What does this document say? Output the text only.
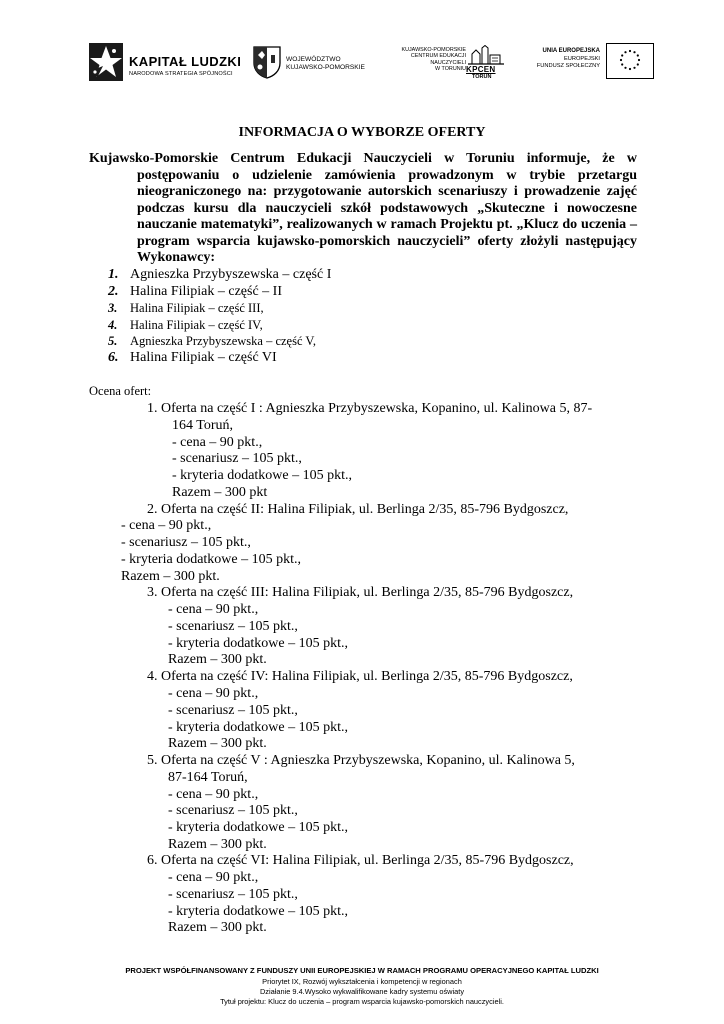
KAPITAŁ LUDZKI
NARODOWA STRATEGIA SPÓJNOŚCI
WOJEWÓDZTWO
KUJAWSKO-POMORSKIE
KUJAWSKO-POMORSKIE
CENTRUM EDUKACJI
NAUCZYCIELI
W TORUNIU KPCEN
TORUŃ
UNIA EUROPEJSKA
EUROPEJSKI
FUNDUSZ SPOŁECZNY
INFORMACJA O WYBORZE OFERTY
Kujawsko-Pomorskie Centrum Edukacji Nauczycieli w Toruniu informuje, że w postępowaniu o udzielenie zamówienia prowadzonym w trybie przetargu nieograniczonego na: przygotowanie autorskich scenariuszy i prowadzenie zajęć podczas kursu dla nauczycieli szkół podstawowych „Skuteczne i nowoczesne nauczanie matematyki”, realizowanych w ramach Projektu pt. „Klucz do uczenia – program wsparcia kujawsko-pomorskich nauczycieli” oferty złożyli następujący Wykonawcy:
1. Agnieszka Przybyszewska – część I
2. Halina Filipiak – część – II
3. Halina Filipiak – część III,
4. Halina Filipiak – część IV,
5. Agnieszka Przybyszewska – część V,
6. Halina Filipiak – część VI
Ocena ofert:
1. Oferta na część I : Agnieszka Przybyszewska, Kopanino, ul. Kalinowa 5, 87-
164 Toruń,
- cena – 90 pkt.,
- scenariusz – 105 pkt.,
- kryteria dodatkowe – 105 pkt.,
Razem – 300 pkt
2. Oferta na część II: Halina Filipiak, ul. Berlinga 2/35, 85-796 Bydgoszcz,
- cena – 90 pkt.,
- scenariusz – 105 pkt.,
- kryteria dodatkowe – 105 pkt.,
Razem – 300 pkt.
3. Oferta na część III: Halina Filipiak, ul. Berlinga 2/35, 85-796 Bydgoszcz,
- cena – 90 pkt.,
- scenariusz – 105 pkt.,
- kryteria dodatkowe – 105 pkt.,
Razem – 300 pkt.
4. Oferta na część IV: Halina Filipiak, ul. Berlinga 2/35, 85-796 Bydgoszcz,
- cena – 90 pkt.,
- scenariusz – 105 pkt.,
- kryteria dodatkowe – 105 pkt.,
Razem – 300 pkt.
5. Oferta na część V : Agnieszka Przybyszewska, Kopanino, ul. Kalinowa 5,
87-164 Toruń,
- cena – 90 pkt.,
- scenariusz – 105 pkt.,
- kryteria dodatkowe – 105 pkt.,
Razem – 300 pkt.
6. Oferta na część VI: Halina Filipiak, ul. Berlinga 2/35, 85-796 Bydgoszcz,
- cena – 90 pkt.,
- scenariusz – 105 pkt.,
- kryteria dodatkowe – 105 pkt.,
Razem – 300 pkt.
PROJEKT WSPÓŁFINANSOWANY Z FUNDUSZY UNII EUROPEJSKIEJ W RAMACH PROGRAMU OPERACYJNEGO KAPITAŁ LUDZKI
Priorytet IX, Rozwój wykształcenia i kompetencji w regionach
Działanie 9.4.Wysoko wykwalifikowane kadry systemu oświaty
Tytuł projektu: Klucz do uczenia – program wsparcia kujawsko-pomorskich nauczycieli.
